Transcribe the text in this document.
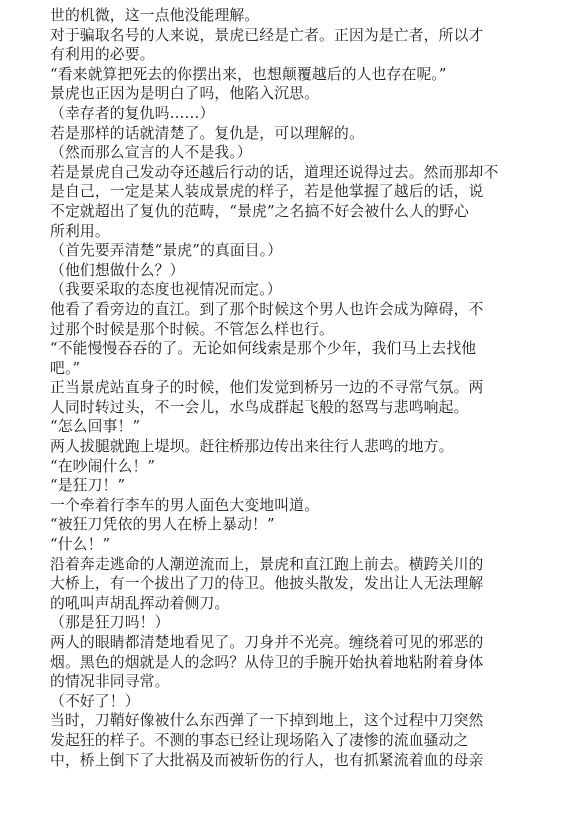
世的机微，这一点他没能理解。
对于骗取名号的人来说，景虎已经是亡者。正因为是亡者，所以才
有利用的必要。
“看来就算把死去的你摆出来，也想颠覆越后的人也存在呢。”
景虎也正因为是明白了吗，他陷入沉思。
（幸存者的复仇吗……）
若是那样的话就清楚了。复仇是，可以理解的。
（然而那么宣言的人不是我。）
若是景虎自己发动夺还越后行动的话，道理还说得过去。然而那却不
是自己，一定是某人装成景虎的样子，若是他掌握了越后的话，说
不定就超出了复仇的范畴，“景虎”之名搞不好会被什么人的野心
所利用。
（首先要弄清楚“景虎”的真面目。）
（他们想做什么？）
（我要采取的态度也视情况而定。）
他看了看旁边的直江。到了那个时候这个男人也许会成为障碍，不
过那个时候是那个时候。不管怎么样也行。
“不能慢慢吞吞的了。无论如何线索是那个少年，我们马上去找他
吧。”
正当景虎站直身子的时候，他们发觉到桥另一边的不寻常气氛。两
人同时转过头，不一会儿，水鸟成群起飞般的怒骂与悲鸣响起。
“怎么回事！”
两人拔腿就跑上堤坝。赶往桥那边传出来往行人悲鸣的地方。
“在吵闹什么！”
“是狂刀！”
一个牵着行李车的男人面色大变地叫道。
“被狂刀凭依的男人在桥上暴动！”
“什么！”
沿着奔走逃命的人潮逆流而上，景虎和直江跑上前去。横跨关川的
大桥上，有一个拔出了刀的侍卫。他披头散发，发出让人无法理解
的吼叫声胡乱挥动着侧刀。
（那是狂刀吗！）
两人的眼睛都清楚地看见了。刀身并不光亮。缠绕着可见的邪恶的
烟。黑色的烟就是人的念吗？从侍卫的手腕开始执着地粘附着身体
的情况非同寻常。
（不好了！）
当时，刀鞘好像被什么东西弹了一下掉到地上，这个过程中刀突然
发起狂的样子。不测的事态已经让现场陷入了凄惨的流血骚动之
中，桥上倒下了大批祸及而被斩伤的行人，也有抓紧流着血的母亲
